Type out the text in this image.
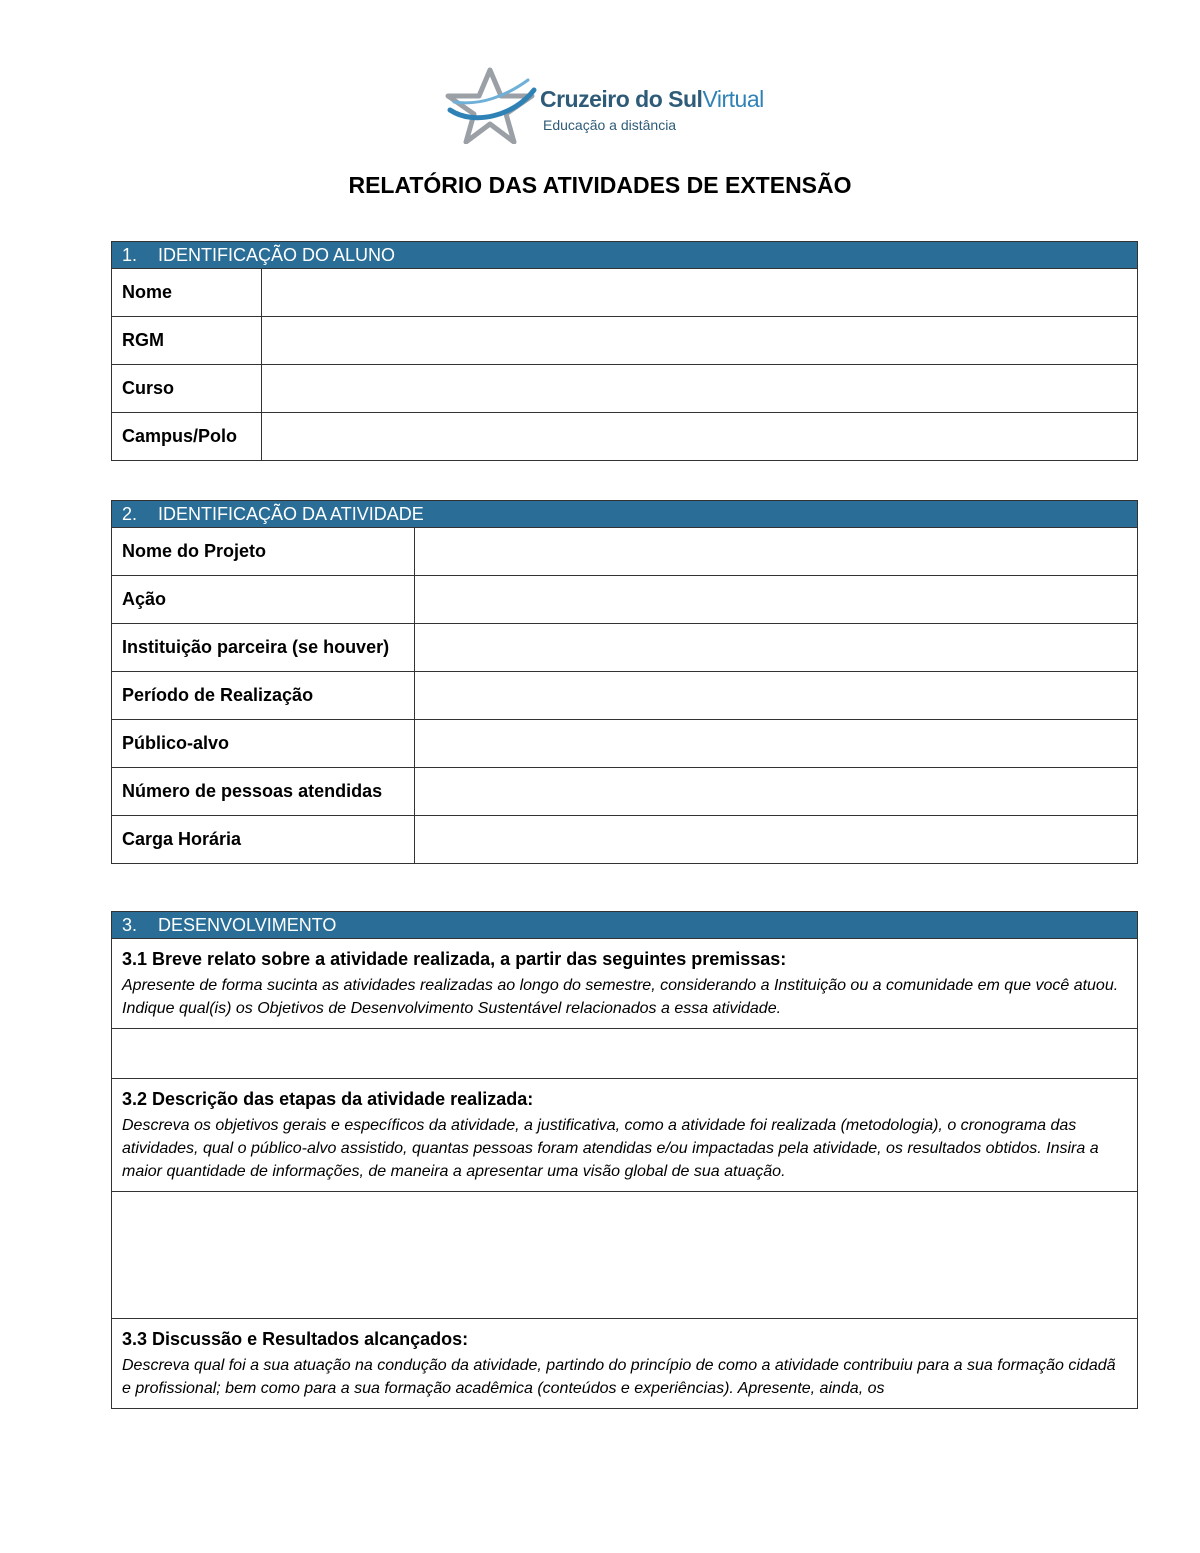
Cruzeiro do SulVirtual
Educação a distância
RELATÓRIO DAS ATIVIDADES DE EXTENSÃO
1. IDENTIFICAÇÃO DO ALUNO	
Nome	
RGM	
Curso	
Campus/Polo	
2. IDENTIFICAÇÃO DA ATIVIDADE	
Nome do Projeto	
Ação	
Instituição parceira (se houver)	
Período de Realização	
Público-alvo	
Número de pessoas atendidas	
Carga Horária	
3. DESENVOLVIMENTO

3.1 Breve relato sobre a atividade realizada, a partir das seguintes premissas:
Apresente de forma sucinta as atividades realizadas ao longo do semestre, considerando a Instituição ou a comunidade em que você atuou. Indique qual(is) os Objetivos de Desenvolvimento Sustentável relacionados a essa atividade.

3.2 Descrição das etapas da atividade realizada:
Descreva os objetivos gerais e específicos da atividade, a justificativa, como a atividade foi realizada (metodologia), o cronograma das atividades, qual o público-alvo assistido, quantas pessoas foram atendidas e/ou impactadas pela atividade, os resultados obtidos. Insira a maior quantidade de informações, de maneira a apresentar uma visão global de sua atuação.

3.3 Discussão e Resultados alcançados:
Descreva qual foi a sua atuação na condução da atividade, partindo do princípio de como a atividade contribuiu para a sua formação cidadã e profissional; bem como para a sua formação acadêmica (conteúdos e experiências). Apresente, ainda, os
